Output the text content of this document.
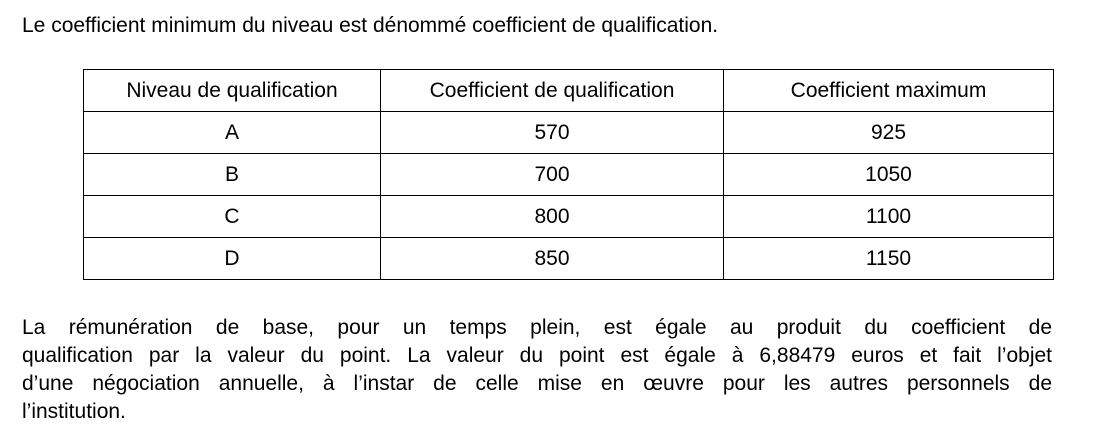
Le coefficient minimum du niveau est dénommé coefficient de qualification.
Niveau de qualification	Coefficient de qualification	Coefficient maximum
A	570	925
B	700	1050
C	800	1100
D	850	1150
La rémunération de base, pour un temps plein, est égale au produit du coefficient de
qualification par la valeur du point. La valeur du point est égale à 6,88479 euros et fait l’objet
d’une négociation annuelle, à l’instar de celle mise en œuvre pour les autres personnels de
l’institution.
